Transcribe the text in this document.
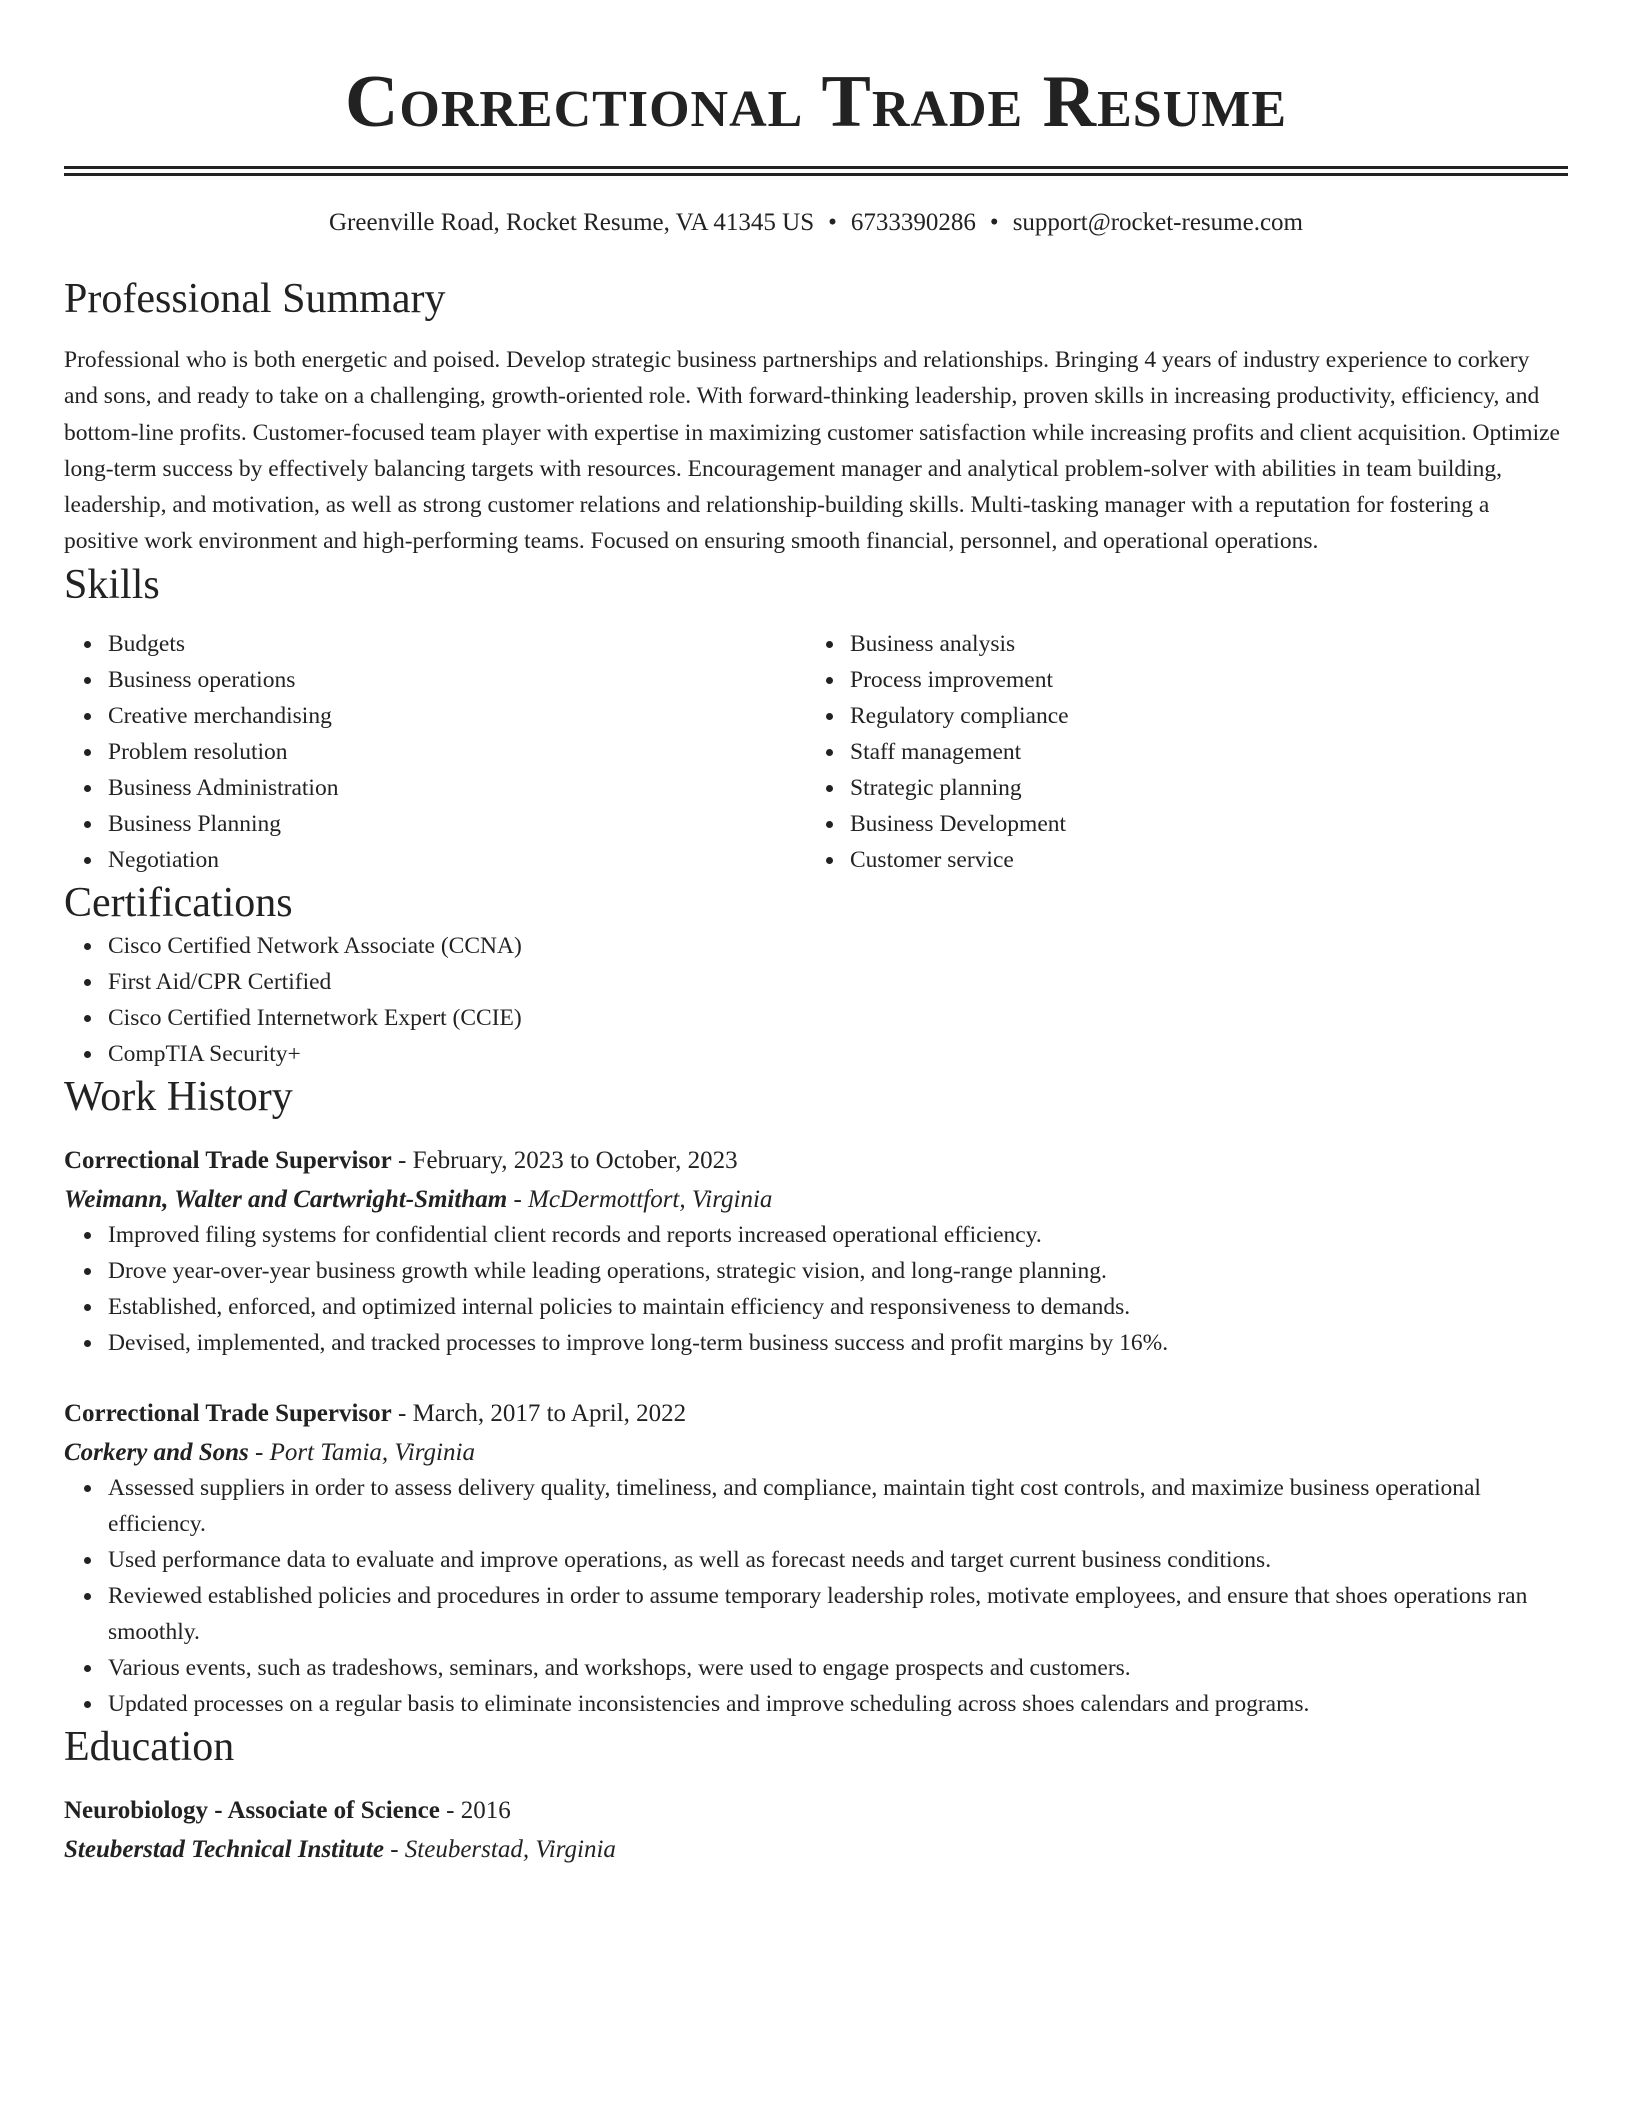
Correctional Trade Resume
Greenville Road, Rocket Resume, VA 41345 US • 6733390286 • support@rocket-resume.com
Professional Summary
Professional who is both energetic and poised. Develop strategic business partnerships and relationships. Bringing 4 years of industry experience to corkery and sons, and ready to take on a challenging, growth-oriented role. With forward-thinking leadership, proven skills in increasing productivity, efficiency, and bottom-line profits. Customer-focused team player with expertise in maximizing customer satisfaction while increasing profits and client acquisition. Optimize long-term success by effectively balancing targets with resources. Encouragement manager and analytical problem-solver with abilities in team building, leadership, and motivation, as well as strong customer relations and relationship-building skills. Multi-tasking manager with a reputation for fostering a positive work environment and high-performing teams. Focused on ensuring smooth financial, personnel, and operational operations.
Skills
Budgets
Business operations
Creative merchandising
Problem resolution
Business Administration
Business Planning
Negotiation
Business analysis
Process improvement
Regulatory compliance
Staff management
Strategic planning
Business Development
Customer service
Certifications
Cisco Certified Network Associate (CCNA)
First Aid/CPR Certified
Cisco Certified Internetwork Expert (CCIE)
CompTIA Security+
Work History
Correctional Trade Supervisor - February, 2023 to October, 2023
Weimann, Walter and Cartwright-Smitham - McDermottfort, Virginia
Improved filing systems for confidential client records and reports increased operational efficiency.
Drove year-over-year business growth while leading operations, strategic vision, and long-range planning.
Established, enforced, and optimized internal policies to maintain efficiency and responsiveness to demands.
Devised, implemented, and tracked processes to improve long-term business success and profit margins by 16%.
Correctional Trade Supervisor - March, 2017 to April, 2022
Corkery and Sons - Port Tamia, Virginia
Assessed suppliers in order to assess delivery quality, timeliness, and compliance, maintain tight cost controls, and maximize business operational efficiency.
Used performance data to evaluate and improve operations, as well as forecast needs and target current business conditions.
Reviewed established policies and procedures in order to assume temporary leadership roles, motivate employees, and ensure that shoes operations ran smoothly.
Various events, such as tradeshows, seminars, and workshops, were used to engage prospects and customers.
Updated processes on a regular basis to eliminate inconsistencies and improve scheduling across shoes calendars and programs.
Education
Neurobiology - Associate of Science - 2016
Steuberstad Technical Institute - Steuberstad, Virginia
